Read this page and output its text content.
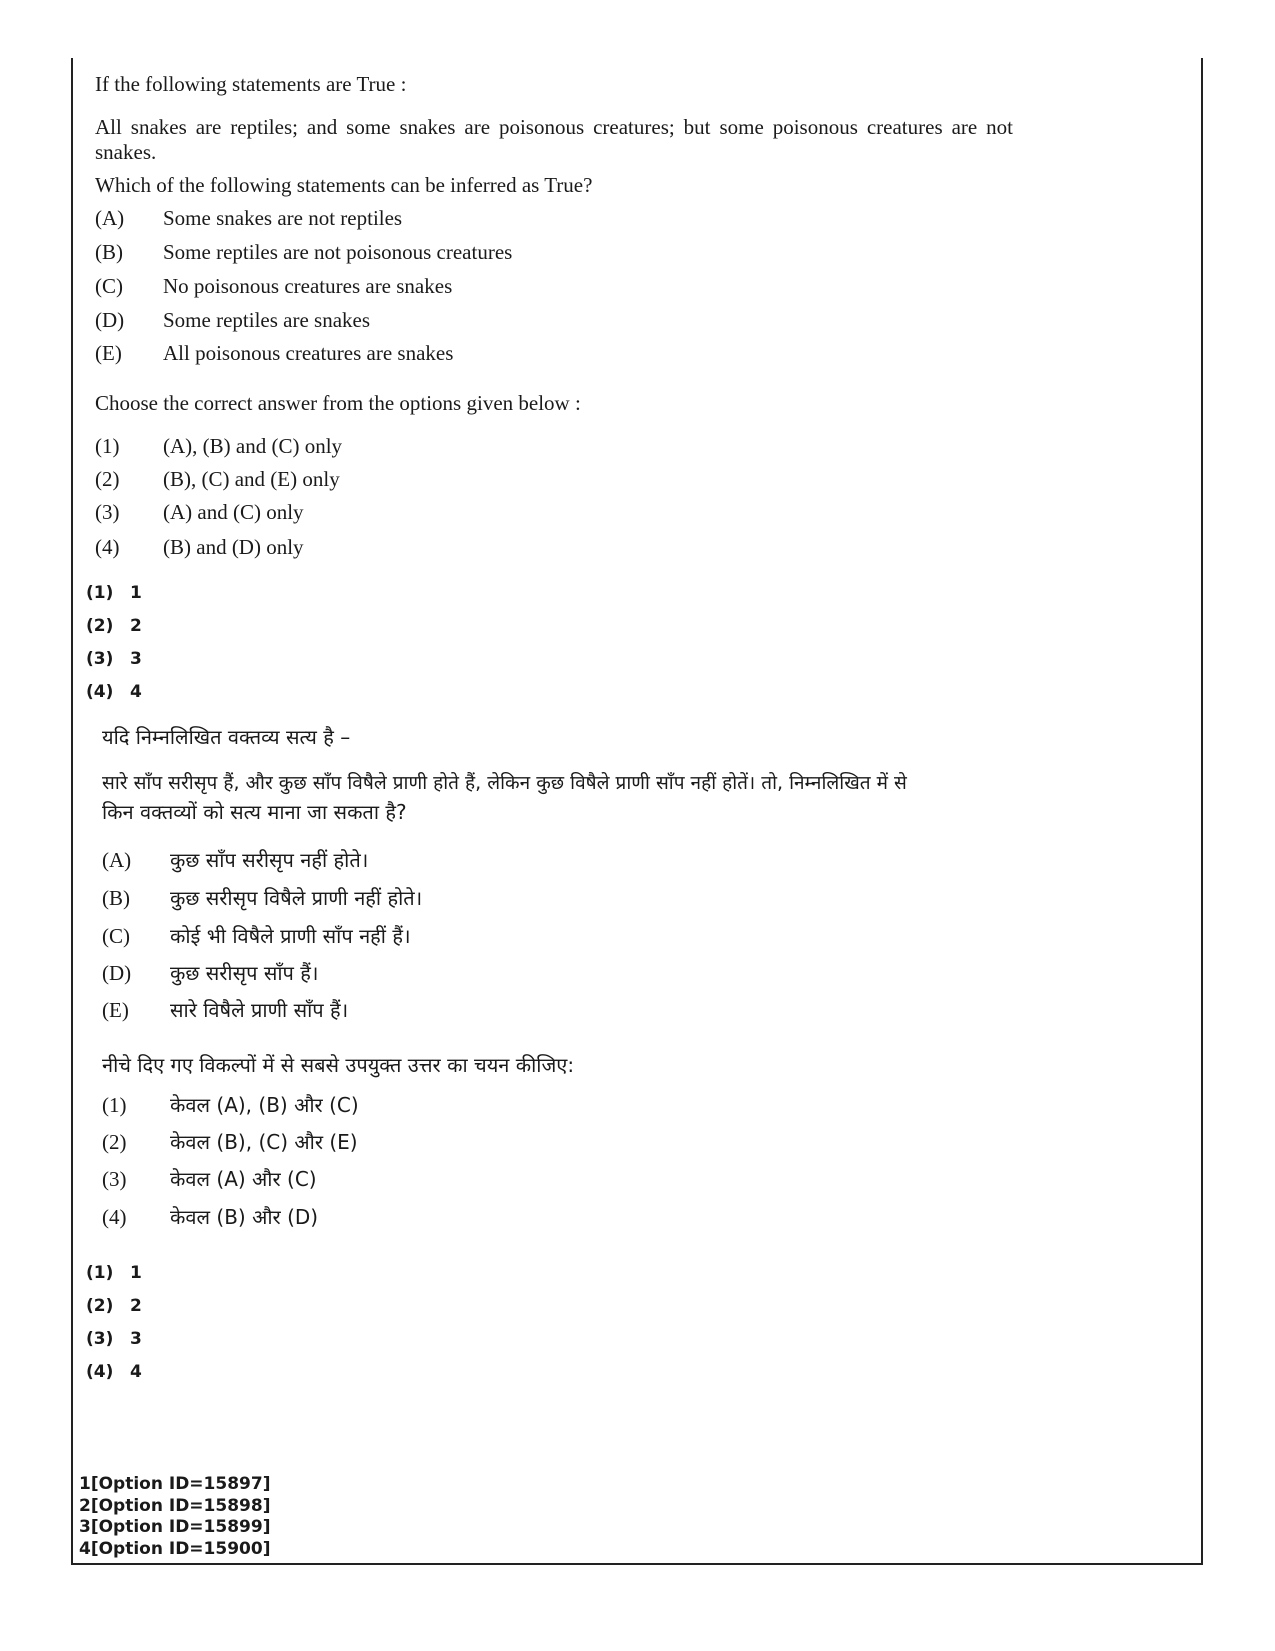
If the following statements are True :

All snakes are reptiles; and some snakes are poisonous creatures; but some poisonous creatures are not snakes.

Which of the following statements can be inferred as True?
(A) Some snakes are not reptiles
(B) Some reptiles are not poisonous creatures
(C) No poisonous creatures are snakes
(D) Some reptiles are snakes
(E) All poisonous creatures are snakes
Choose the correct answer from the options given below :
(1) (A), (B) and (C) only
(2) (B), (C) and (E) only
(3) (A) and (C) only
(4) (B) and (D) only
(1) 1
(2) 2
(3) 3
(4) 4
यदि निम्नलिखित वक्तव्य सत्य है –
सारे साँप सरीसृप हैं, और कुछ साँप विषैले प्राणी होते हैं, लेकिन कुछ विषैले प्राणी साँप नहीं होतें। तो, निम्नलिखित में से
किन वक्तव्यों को सत्य माना जा सकता है?
(A) कुछ साँप सरीसृप नहीं होते।
(B) कुछ सरीसृप विषैले प्राणी नहीं होते।
(C) कोई भी विषैले प्राणी साँप नहीं हैं।
(D) कुछ सरीसृप साँप हैं।
(E) सारे विषैले प्राणी साँप हैं।
नीचे दिए गए विकल्पों में से सबसे उपयुक्त उत्तर का चयन कीजिए:
(1) केवल (A), (B) और (C)
(2) केवल (B), (C) और (E)
(3) केवल (A) और (C)
(4) केवल (B) और (D)
(1) 1
(2) 2
(3) 3
(4) 4
1[Option ID=15897]
2[Option ID=15898]
3[Option ID=15899]
4[Option ID=15900]
